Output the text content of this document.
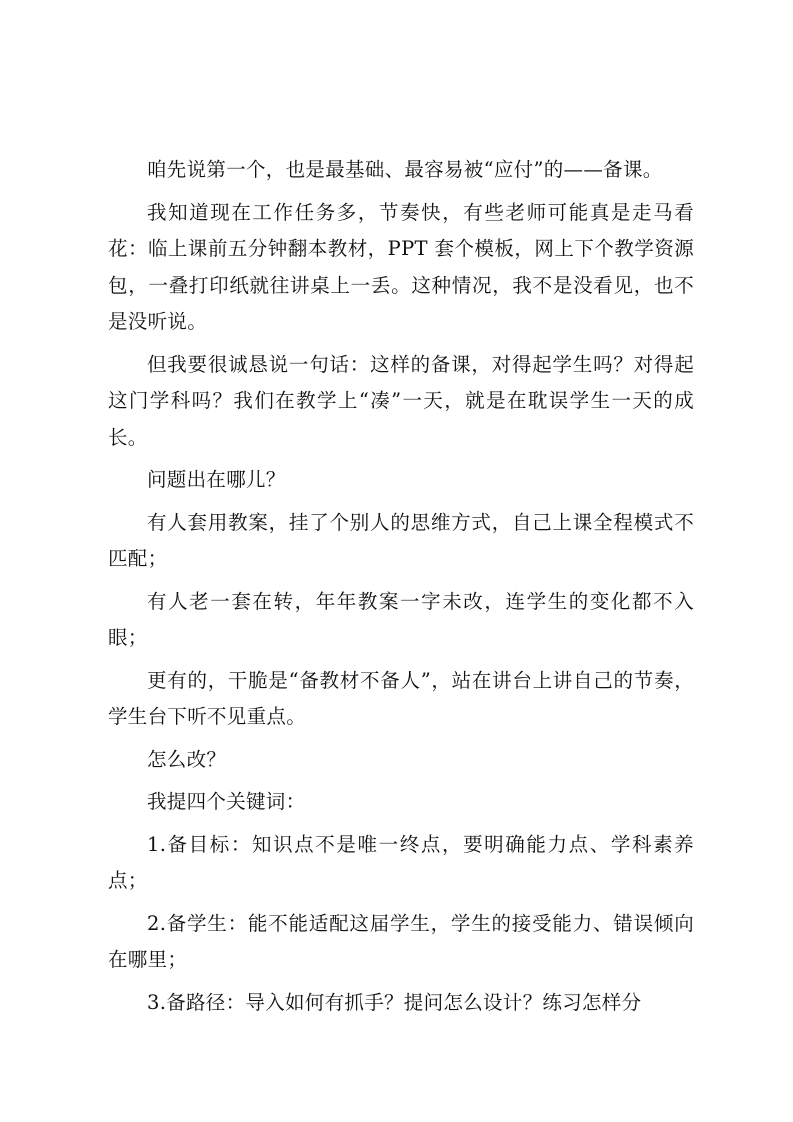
咱先说第一个，也是最基础、最容易被“应付”的——备课。

我知道现在工作任务多，节奏快，有些老师可能真是走马看花：临上课前五分钟翻本教材，PPT 套个模板，网上下个教学资源包，一叠打印纸就往讲桌上一丢。这种情况，我不是没看见，也不是没听说。

但我要很诚恳说一句话：这样的备课，对得起学生吗？对得起这门学科吗？我们在教学上“凑”一天，就是在耽误学生一天的成长。

问题出在哪儿？

有人套用教案，挂了个别人的思维方式，自己上课全程模式不匹配；

有人老一套在转，年年教案一字未改，连学生的变化都不入眼；

更有的，干脆是“备教材不备人”，站在讲台上讲自己的节奏，学生台下听不见重点。

怎么改？

我提四个关键词：

1.备目标：知识点不是唯一终点，要明确能力点、学科素养点；

2.备学生：能不能适配这届学生，学生的接受能力、错误倾向在哪里；

3.备路径：导入如何有抓手？提问怎么设计？练习怎样分
